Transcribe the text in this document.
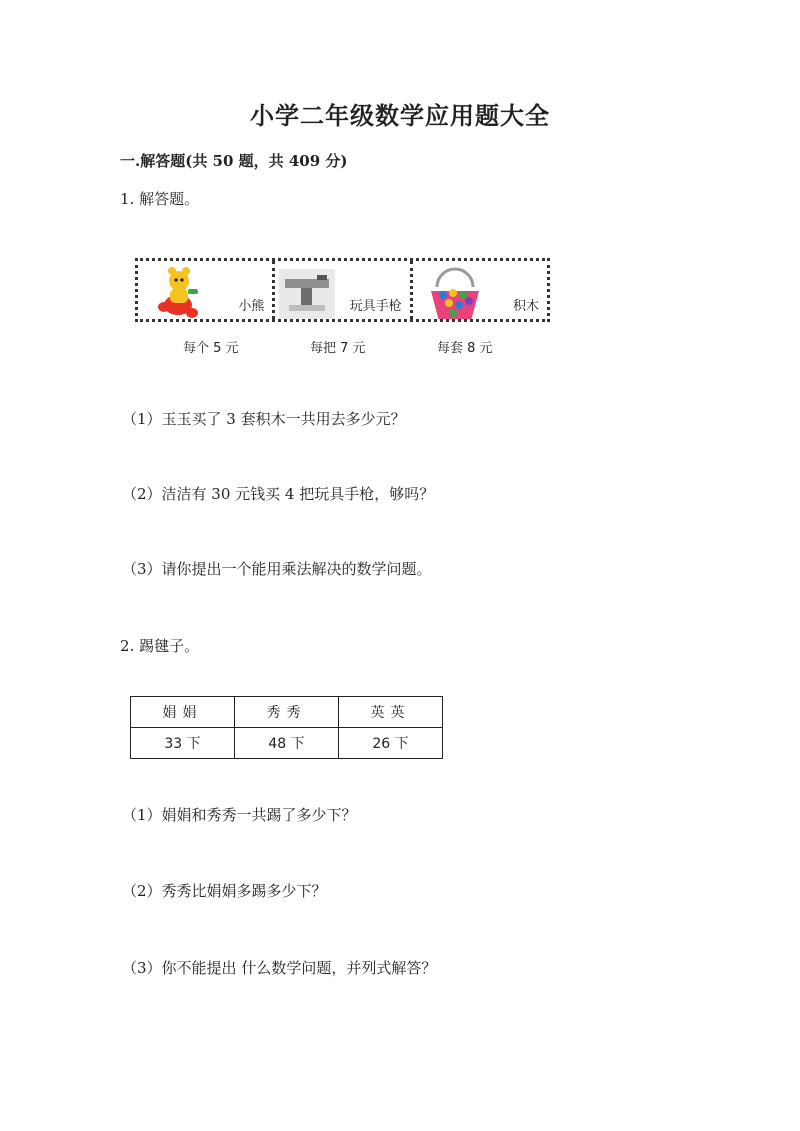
小学二年级数学应用题大全
一.解答题(共 50 题，共 409 分)
1. 解答题。
小熊	玩具手枪	积木
每个 5 元	每把 7 元	每套 8 元
（1）玉玉买了 3 套积木一共用去多少元？
（2）洁洁有 30 元钱买 4 把玩具手枪，够吗？
（3）请你提出一个能用乘法解决的数学问题。
2. 踢毽子。
娟娟	秀秀	英英
33 下	48 下	26 下
（1）娟娟和秀秀一共踢了多少下？
（2）秀秀比娟娟多踢多少下？
（3）你不能提出 什么数学问题，并列式解答？
